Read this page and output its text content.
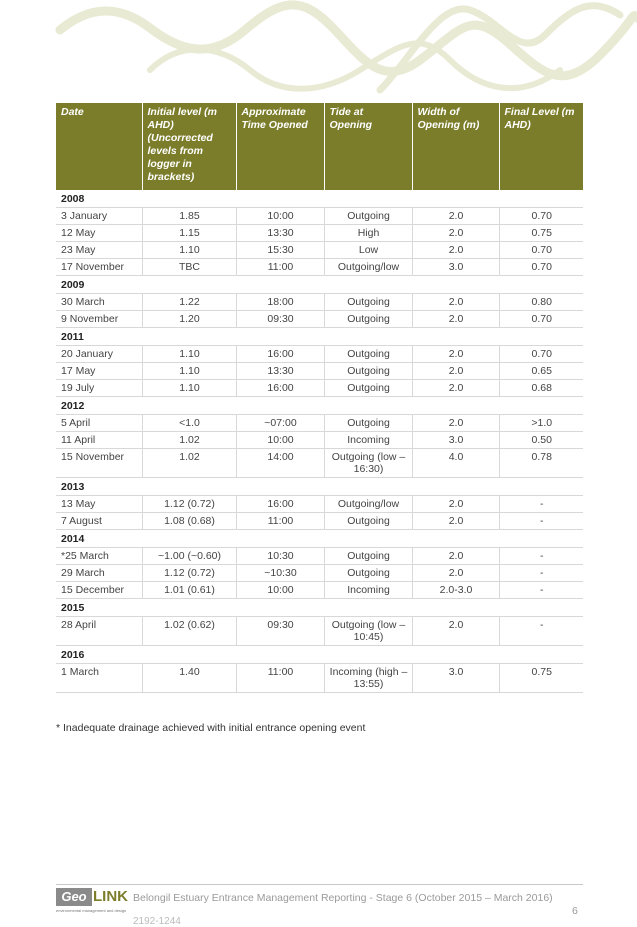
Date	Initial level (m AHD) (Uncorrected levels from logger in brackets)	Approximate Time Opened	Tide at Opening	Width of Opening (m)	Final Level (m AHD)
2008					
3 January	1.85	10:00	Outgoing	2.0	0.70
12 May	1.15	13:30	High	2.0	0.75
23 May	1.10	15:30	Low	2.0	0.70
17 November	TBC	11:00	Outgoing/low	3.0	0.70
2009					
30 March	1.22	18:00	Outgoing	2.0	0.80
9 November	1.20	09:30	Outgoing	2.0	0.70
2011					
20 January	1.10	16:00	Outgoing	2.0	0.70
17 May	1.10	13:30	Outgoing	2.0	0.65
19 July	1.10	16:00	Outgoing	2.0	0.68
2012					
5 April	<1.0	~07:00	Outgoing	2.0	>1.0
11 April	1.02	10:00	Incoming	3.0	0.50
15 November	1.02	14:00	Outgoing (low – 16:30)	4.0	0.78
2013					
13 May	1.12 (0.72)	16:00	Outgoing/low	2.0	-
7 August	1.08 (0.68)	11:00	Outgoing	2.0	-
2014					
*25 March	~1.00 (~0.60)	10:30	Outgoing	2.0	-
29 March	1.12 (0.72)	~10:30	Outgoing	2.0	-
15 December	1.01 (0.61)	10:00	Incoming	2.0-3.0	-
2015					
28 April	1.02 (0.62)	09:30	Outgoing (low – 10:45)	2.0	-
2016					
1 March	1.40	11:00	Incoming (high – 13:55)	3.0	0.75
* Inadequate drainage achieved with initial entrance opening event
Geo LINK
environmental management and design
Belongil Estuary Entrance Management Reporting - Stage 6 (October 2015 – March 2016)
6
2192-1244
